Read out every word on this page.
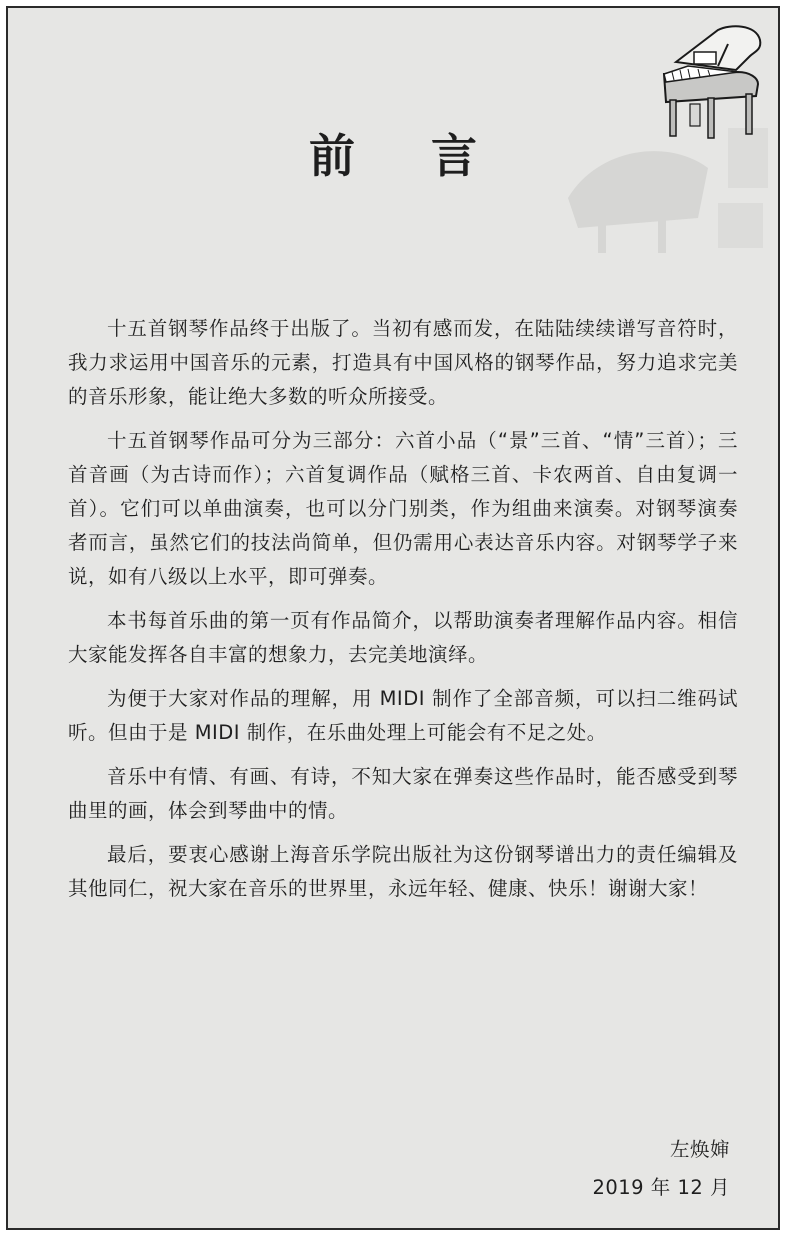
前 言

十五首钢琴作品终于出版了。当初有感而发，在陆陆续续谱写音符时，我力求运用中国音乐的元素，打造具有中国风格的钢琴作品，努力追求完美的音乐形象，能让绝大多数的听众所接受。

十五首钢琴作品可分为三部分：六首小品（“景”三首、“情”三首）；三首音画（为古诗而作）；六首复调作品（赋格三首、卡农两首、自由复调一首）。它们可以单曲演奏，也可以分门别类，作为组曲来演奏。对钢琴演奏者而言，虽然它们的技法尚简单，但仍需用心表达音乐内容。对钢琴学子来说，如有八级以上水平，即可弹奏。

本书每首乐曲的第一页有作品简介，以帮助演奏者理解作品内容。相信大家能发挥各自丰富的想象力，去完美地演绎。

为便于大家对作品的理解，用 MIDI 制作了全部音频，可以扫二维码试听。但由于是 MIDI 制作，在乐曲处理上可能会有不足之处。

音乐中有情、有画、有诗，不知大家在弹奏这些作品时，能否感受到琴曲里的画，体会到琴曲中的情。

最后，要衷心感谢上海音乐学院出版社为这份钢琴谱出力的责任编辑及其他同仁，祝大家在音乐的世界里，永远年轻、健康、快乐！谢谢大家！

左焕婶
2019 年 12 月
